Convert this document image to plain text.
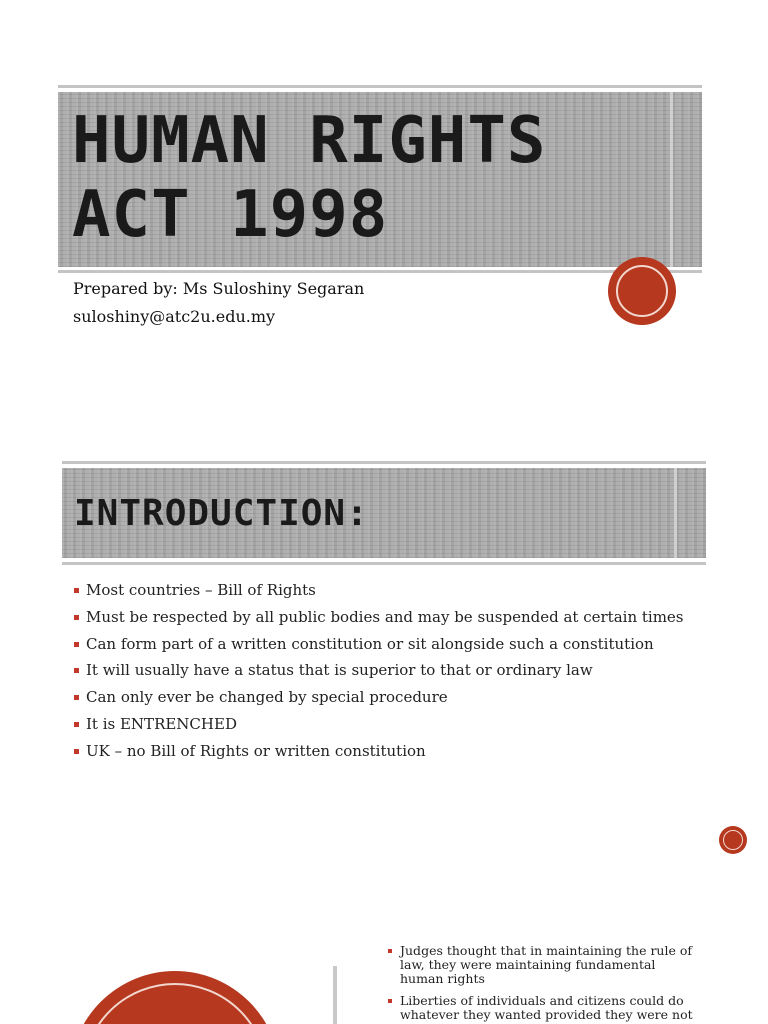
HUMAN RIGHTS
ACT 1998

Prepared by: Ms Suloshiny Segaran

suloshiny@atc2u.edu.my

INTRODUCTION:
Most countries – Bill of Rights
Must be respected by all public bodies and may be suspended at certain times
Can form part of a written constitution or sit alongside such a constitution
It will usually have a status that is superior to that or ordinary law
Can only ever be changed by special procedure
It is ENTRENCHED
UK – no Bill of Rights or written constitution
Judges thought that in maintaining the rule of law, they were maintaining fundamental human rights
Liberties of individuals and citizens could do whatever they wanted provided they were not
